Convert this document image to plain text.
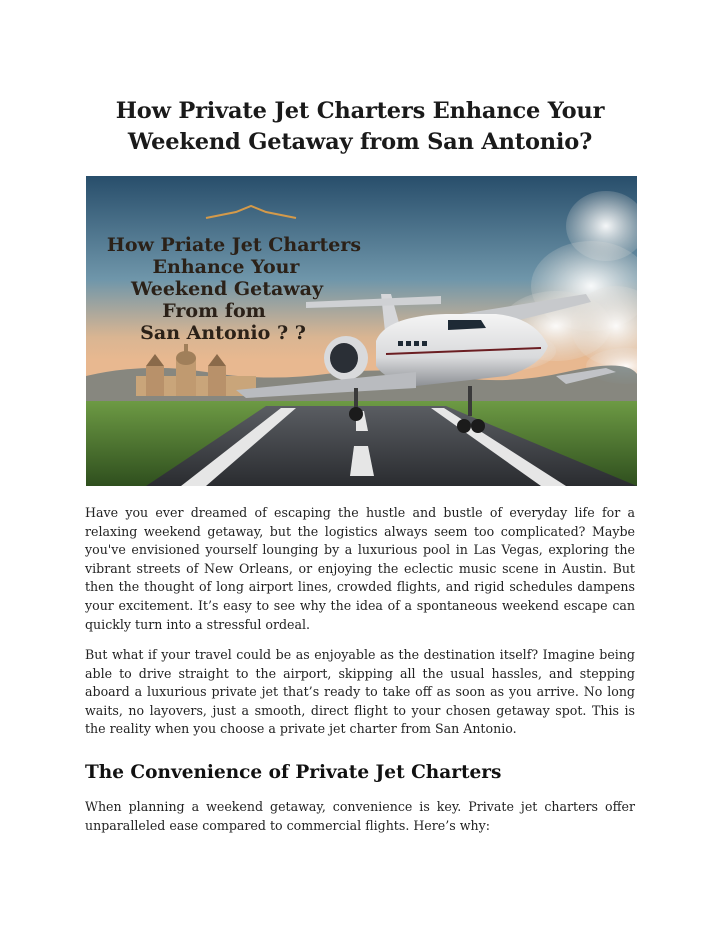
How Private Jet Charters Enhance Your Weekend Getaway from San Antonio?
How Priate Jet Charters
Enhance Your
Weekend Getaway
From fom
San Antonio ? ?

Have you ever dreamed of escaping the hustle and bustle of everyday life for a relaxing weekend getaway, but the logistics always seem too complicated? Maybe you've envisioned yourself lounging by a luxurious pool in Las Vegas, exploring the vibrant streets of New Orleans, or enjoying the eclectic music scene in Austin. But then the thought of long airport lines, crowded flights, and rigid schedules dampens your excitement. It’s easy to see why the idea of a spontaneous weekend escape can quickly turn into a stressful ordeal.

But what if your travel could be as enjoyable as the destination itself? Imagine being able to drive straight to the airport, skipping all the usual hassles, and stepping aboard a luxurious private jet that’s ready to take off as soon as you arrive. No long waits, no layovers, just a smooth, direct flight to your chosen getaway spot. This is the reality when you choose a private jet charter from San Antonio.

The Convenience of Private Jet Charters

When planning a weekend getaway, convenience is key. Private jet charters offer unparalleled ease compared to commercial flights. Here’s why:
